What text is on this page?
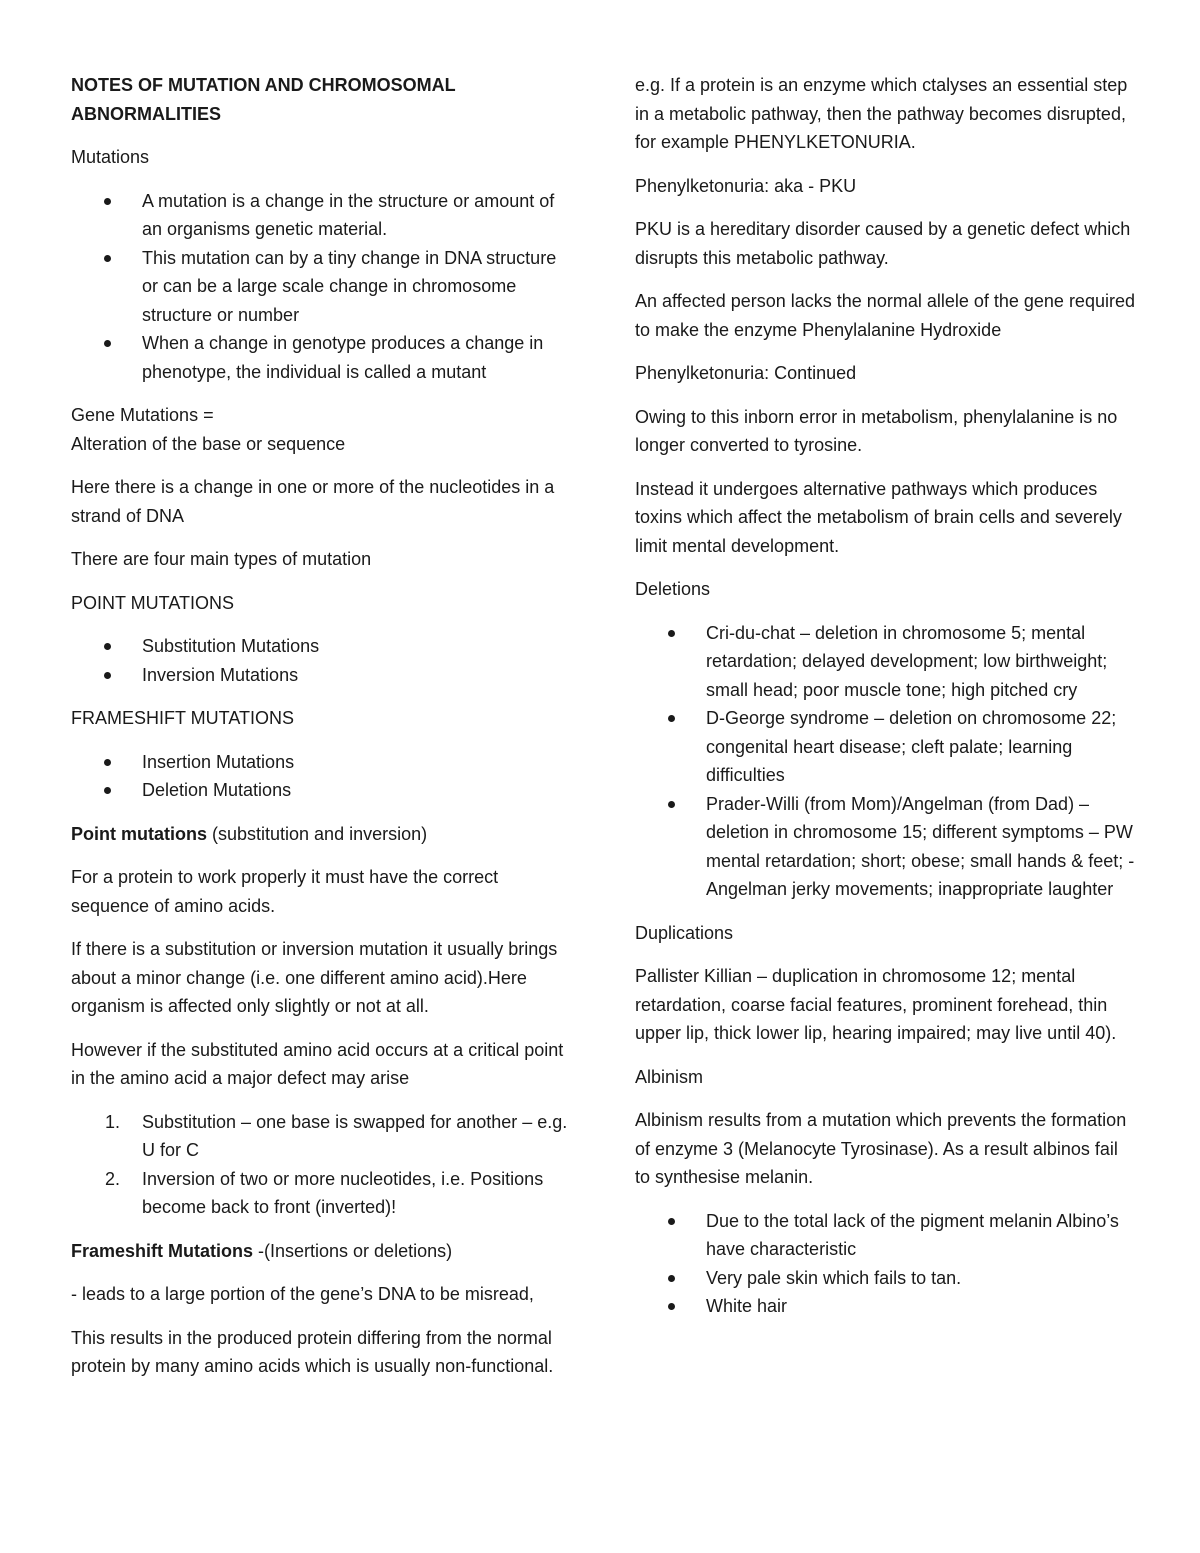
NOTES OF MUTATION AND CHROMOSOMAL ABNORMALITIES

Mutations

A mutation is a change in the structure or amount of an organisms genetic material.
This mutation can by a tiny change in DNA structure or can be a large scale change in chromosome structure or number
When a change in genotype produces a change in phenotype, the individual is called a mutant

Gene Mutations =
Alteration of the base or sequence

Here there is a change in one or more of the nucleotides in a strand of DNA

There are four main types of mutation

POINT MUTATIONS

Substitution Mutations
Inversion Mutations

FRAMESHIFT MUTATIONS

Insertion Mutations
Deletion Mutations

Point mutations (substitution and inversion)

For a protein to work properly it must have the correct sequence of amino acids.

If there is a substitution or inversion mutation it usually brings about a minor change (i.e. one different amino acid).Here organism is affected only slightly or not at all.

However if the substituted amino acid occurs at a critical point in the amino acid a major defect may arise

1. Substitution – one base is swapped for another – e.g. U for C
2. Inversion of two or more nucleotides, i.e. Positions become back to front (inverted)!

Frameshift Mutations -(Insertions or deletions)

- leads to a large portion of the gene’s DNA to be misread,

This results in the produced protein differing from the normal protein by many amino acids which is usually non-functional.

e.g. If a protein is an enzyme which ctalyses an essential step in a metabolic pathway, then the pathway becomes disrupted, for example PHENYLKETONURIA.

Phenylketonuria: aka - PKU

PKU is a hereditary disorder caused by a genetic defect which disrupts this metabolic pathway.

An affected person lacks the normal allele of the gene required to make the enzyme Phenylalanine Hydroxide

Phenylketonuria: Continued

Owing to this inborn error in metabolism, phenylalanine is no longer converted to tyrosine.

Instead it undergoes alternative pathways which produces toxins which affect the metabolism of brain cells and severely limit mental development.

Deletions

Cri-du-chat – deletion in chromosome 5; mental retardation; delayed development; low birthweight; small head; poor muscle tone; high pitched cry
D-George syndrome – deletion on chromosome 22; congenital heart disease; cleft palate; learning difficulties
Prader-Willi (from Mom)/Angelman (from Dad) – deletion in chromosome 15; different symptoms – PW mental retardation; short; obese; small hands & feet; - Angelman jerky movements; inappropriate laughter

Duplications

Pallister Killian – duplication in chromosome 12; mental retardation, coarse facial features, prominent forehead, thin upper lip, thick lower lip, hearing impaired; may live until 40).

Albinism

Albinism results from a mutation which prevents the formation of enzyme 3 (Melanocyte Tyrosinase). As a result albinos fail to synthesise melanin.

Due to the total lack of the pigment melanin Albino’s have characteristic
Very pale skin which fails to tan.
White hair
